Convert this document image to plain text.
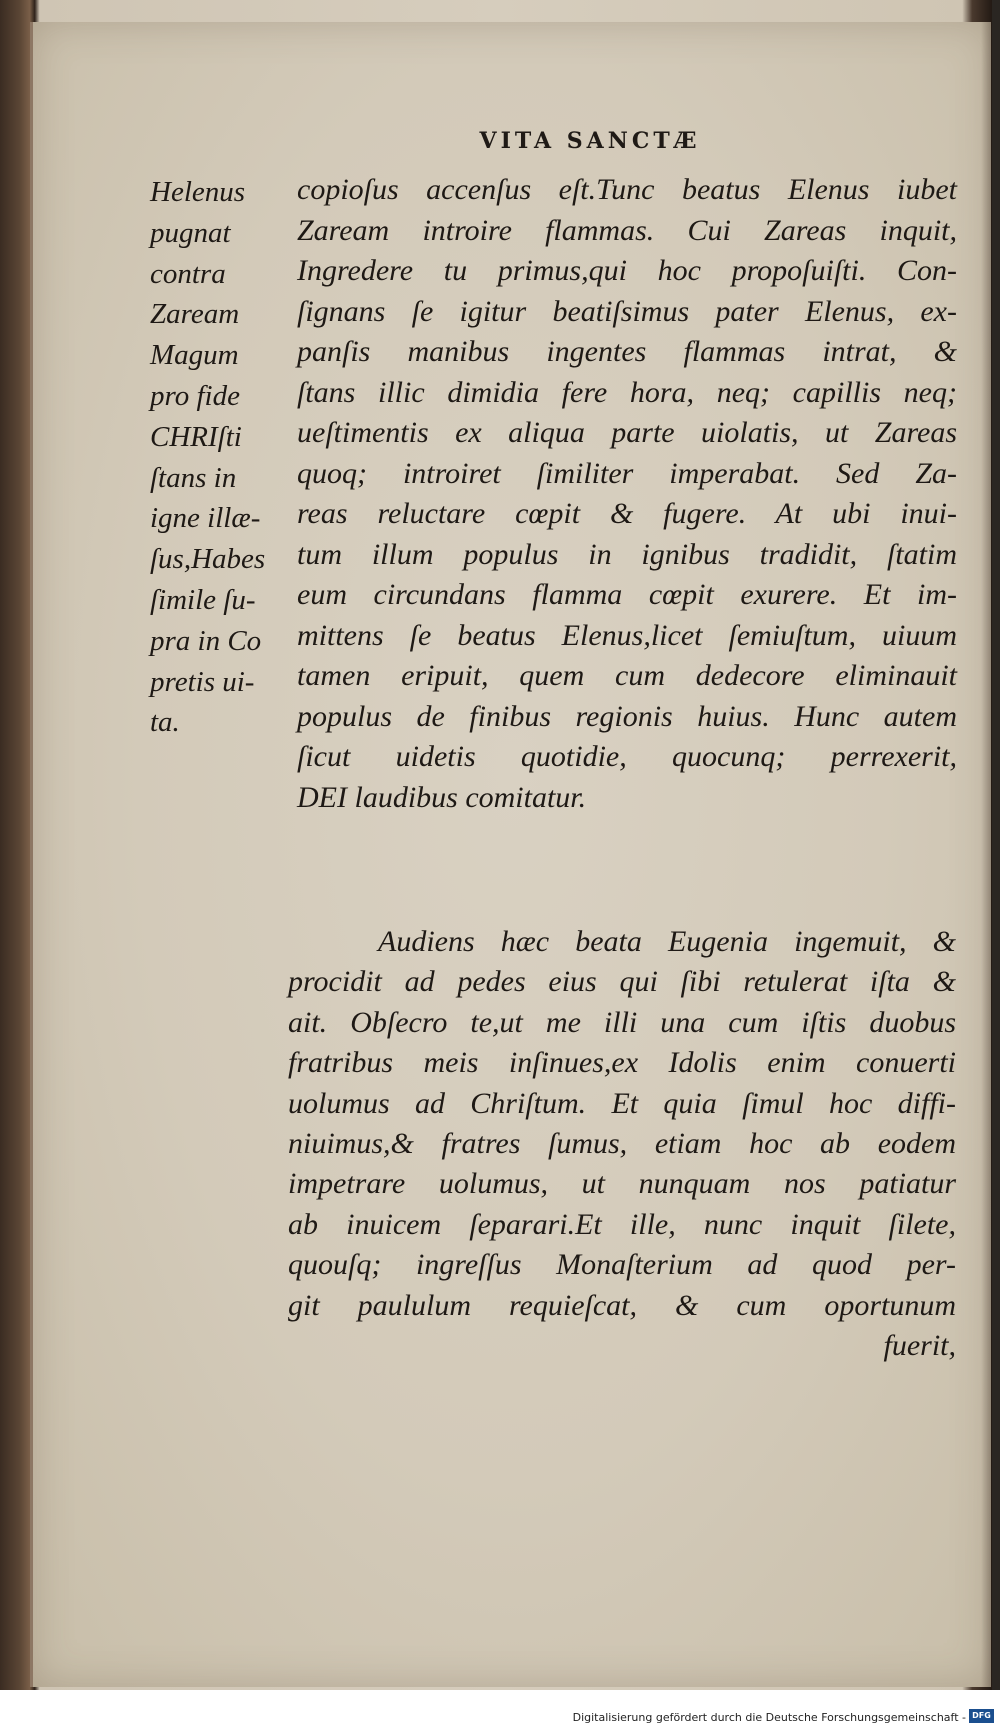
VITA SANCTÆ
Helenus
pugnat
contra
Zaream
Magum
pro fide
CHRIſti
ſtans in
igne illæ-
ſus,Habes
ſimile ſu-
pra in Co
pretis ui-
ta.
copioſus accenſus eſt.Tunc beatus Elenus iubet
Zaream introire flammas. Cui Zareas inquit,
Ingredere tu primus,qui hoc propoſuiſti. Con-
ſignans ſe igitur beatiſsimus pater Elenus, ex-
panſis manibus ingentes flammas intrat, &
ſtans illic dimidia fere hora, neq; capillis neq;
ueſtimentis ex aliqua parte uiolatis, ut Zareas
quoq; introiret ſimiliter imperabat. Sed Za-
reas reluctare cœpit & fugere. At ubi inui-
tum illum populus in ignibus tradidit, ſtatim
eum circundans flamma cœpit exurere. Et im-
mittens ſe beatus Elenus,licet ſemiuſtum, uiuum
tamen eripuit, quem cum dedecore eliminauit
populus de finibus regionis huius. Hunc autem
ſicut uidetis quotidie, quocunq; perrexerit,
DEI laudibus comitatur.
Audiens hæc beata Eugenia ingemuit, &
procidit ad pedes eius qui ſibi retulerat iſta &
ait. Obſecro te,ut me illi una cum iſtis duobus
fratribus meis inſinues,ex Idolis enim conuerti
uolumus ad Chriſtum. Et quia ſimul hoc diffi-
niuimus,& fratres ſumus, etiam hoc ab eodem
impetrare uolumus, ut nunquam nos patiatur
ab inuicem ſeparari.Et ille, nunc inquit ſilete,
quouſq; ingreſſus Monaſterium ad quod per-
git paululum requieſcat, & cum oportunum
fuerit,
Digitalisierung gefördert durch die Deutsche Forschungsgemeinschaft - DFG
